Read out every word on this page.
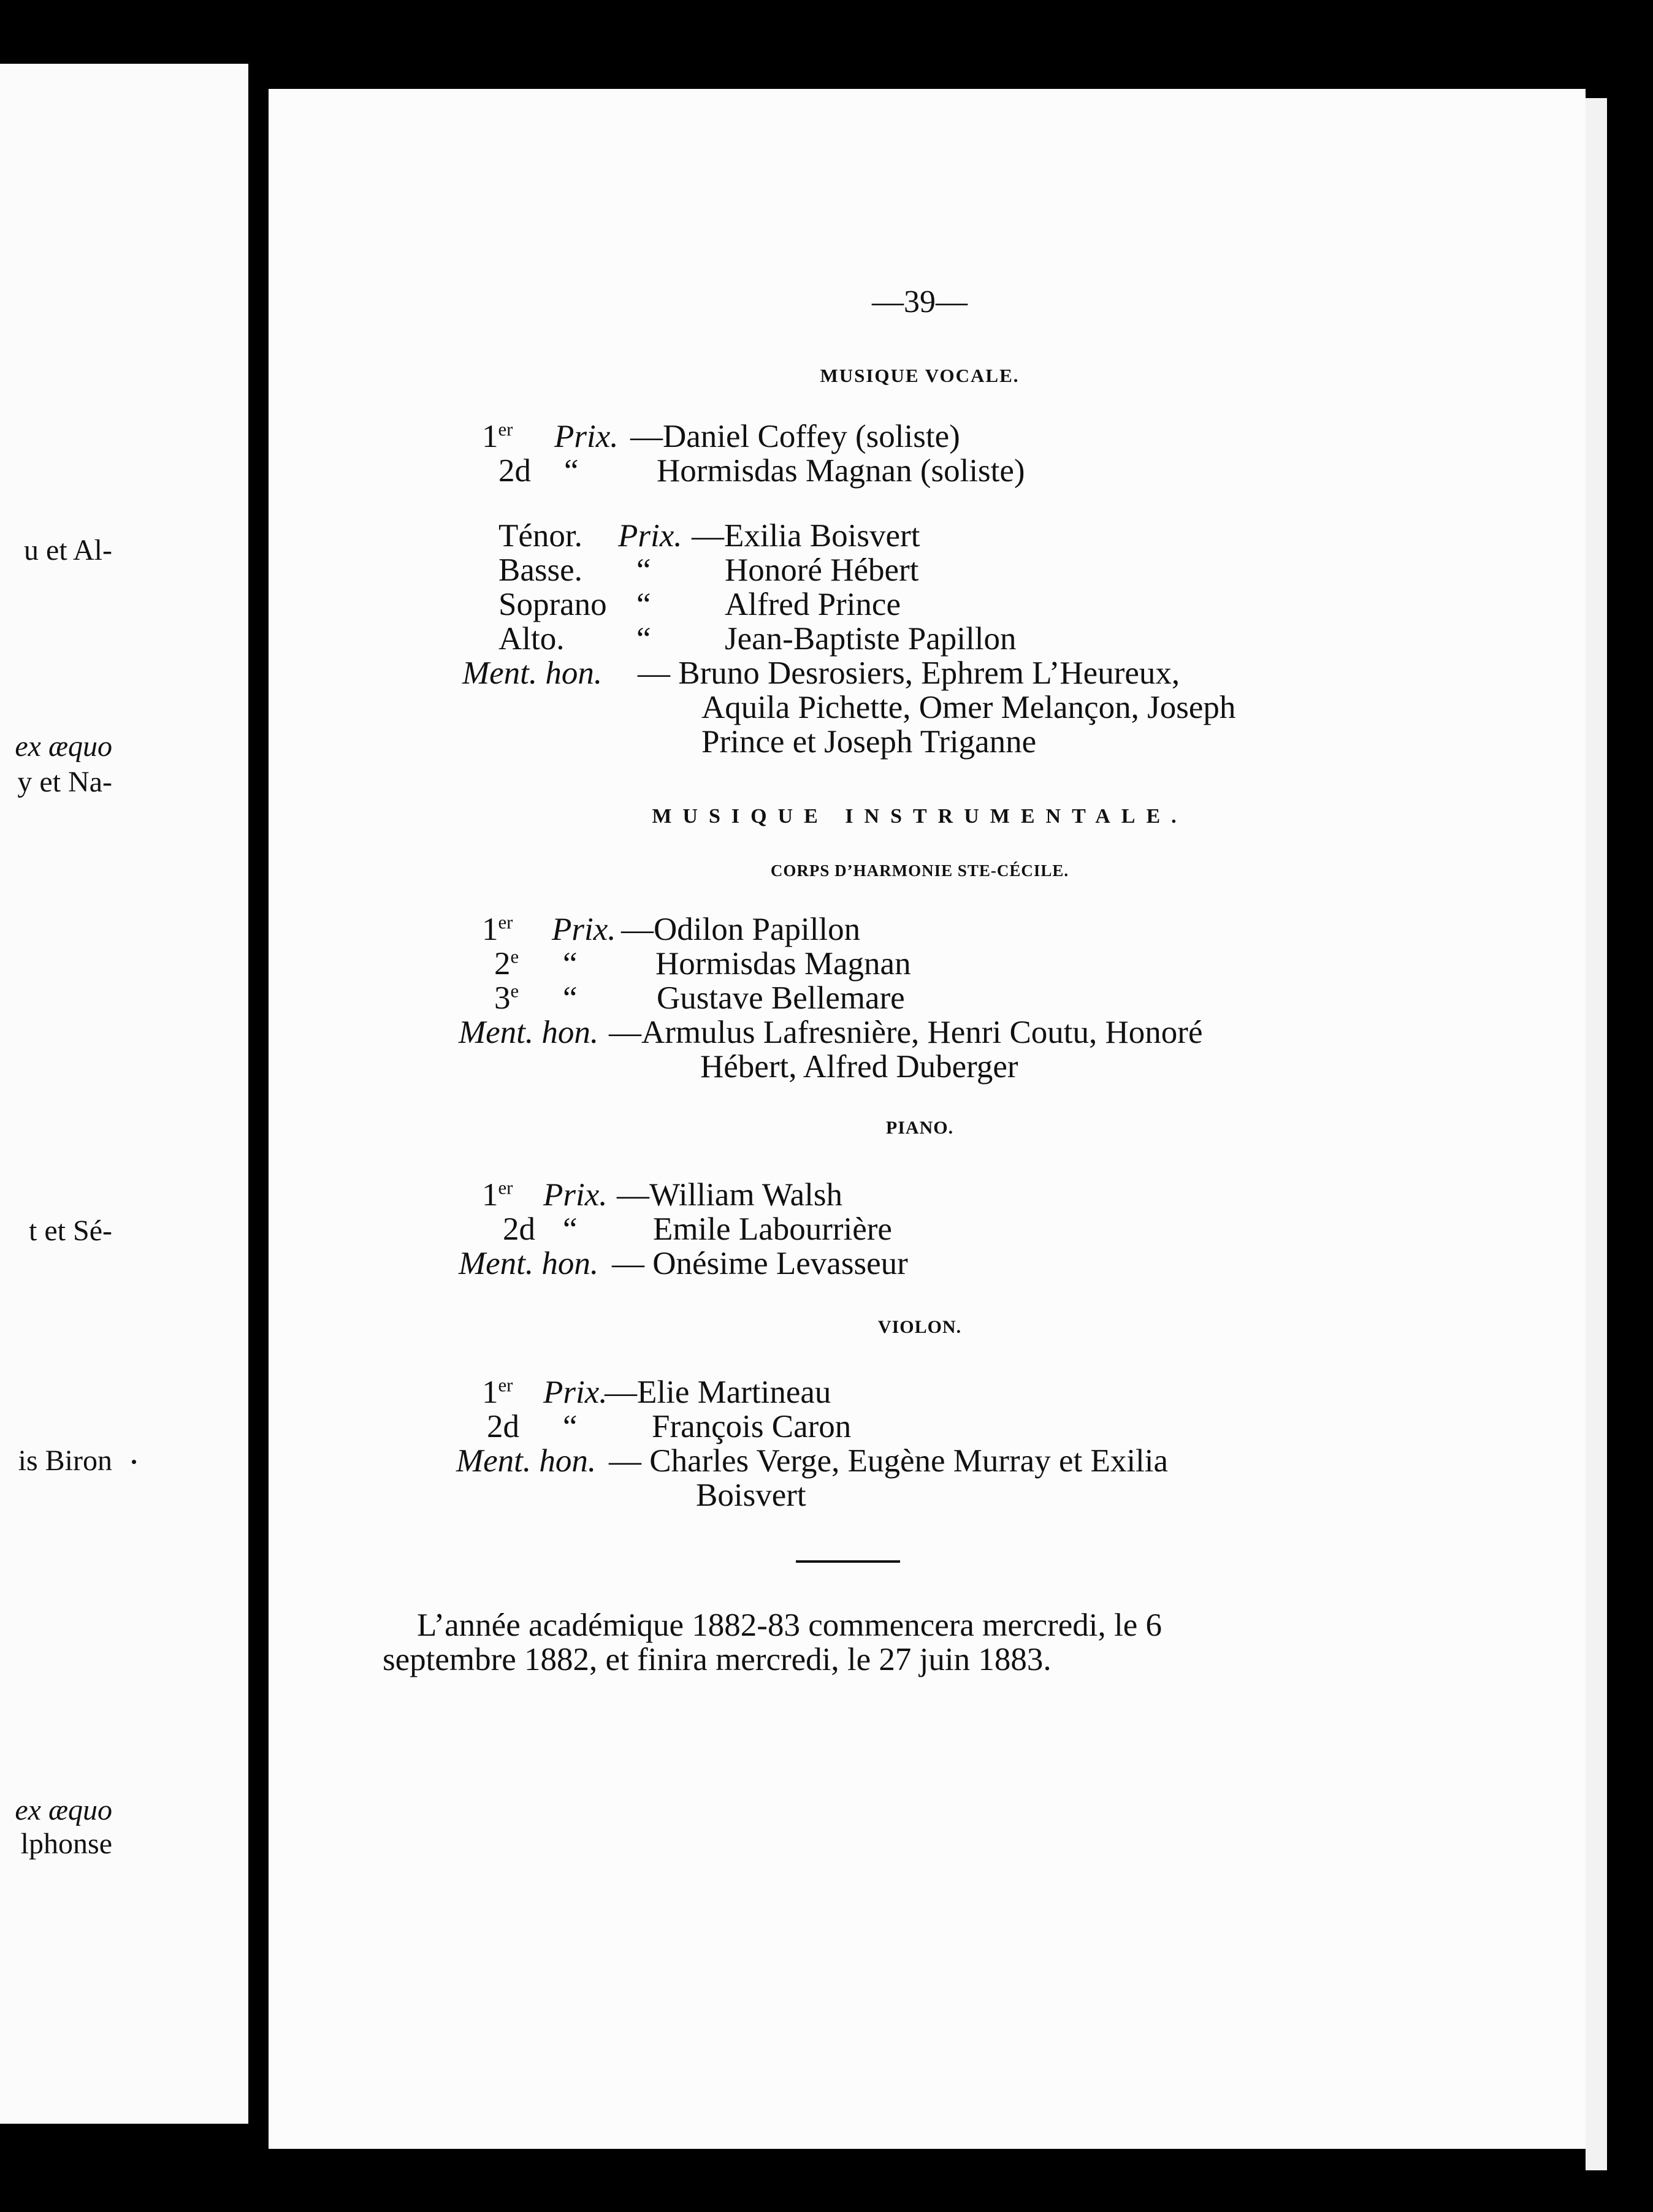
u et Al-
ex æquo
y et Na-
t et Sé-
is Biron
ex æquo
lphonse
—39—
MUSIQUE VOCALE.
1er Prix. —Daniel Coffey (soliste)
2d “ Hormisdas Magnan (soliste)
Ténor. Prix. —Exilia Boisvert
Basse. “ Honoré Hébert
Soprano “ Alfred Prince
Alto. “ Jean-Baptiste Papillon
Ment. hon. — Bruno Desrosiers, Ephrem L’Heureux,
Aquila Pichette, Omer Melançon, Joseph
Prince et Joseph Triganne
MUSIQUE INSTRUMENTALE.
CORPS D’HARMONIE STE-CÉCILE.
1er Prix. —Odilon Papillon
2e “ Hormisdas Magnan
3e “ Gustave Bellemare
Ment. hon. —Armulus Lafresnière, Henri Coutu, Honoré
Hébert, Alfred Duberger
PIANO.
1er Prix. —William Walsh
2d “ Emile Labourrière
Ment. hon. — Onésime Levasseur
VIOLON.
1er Prix.
—Elie Martineau
2d “ François Caron
Ment. hon. — Charles Verge, Eugène Murray et Exilia
Boisvert
L’année académique 1882-83 commencera mercredi, le 6
septembre 1882, et finira mercredi, le 27 juin 1883.
